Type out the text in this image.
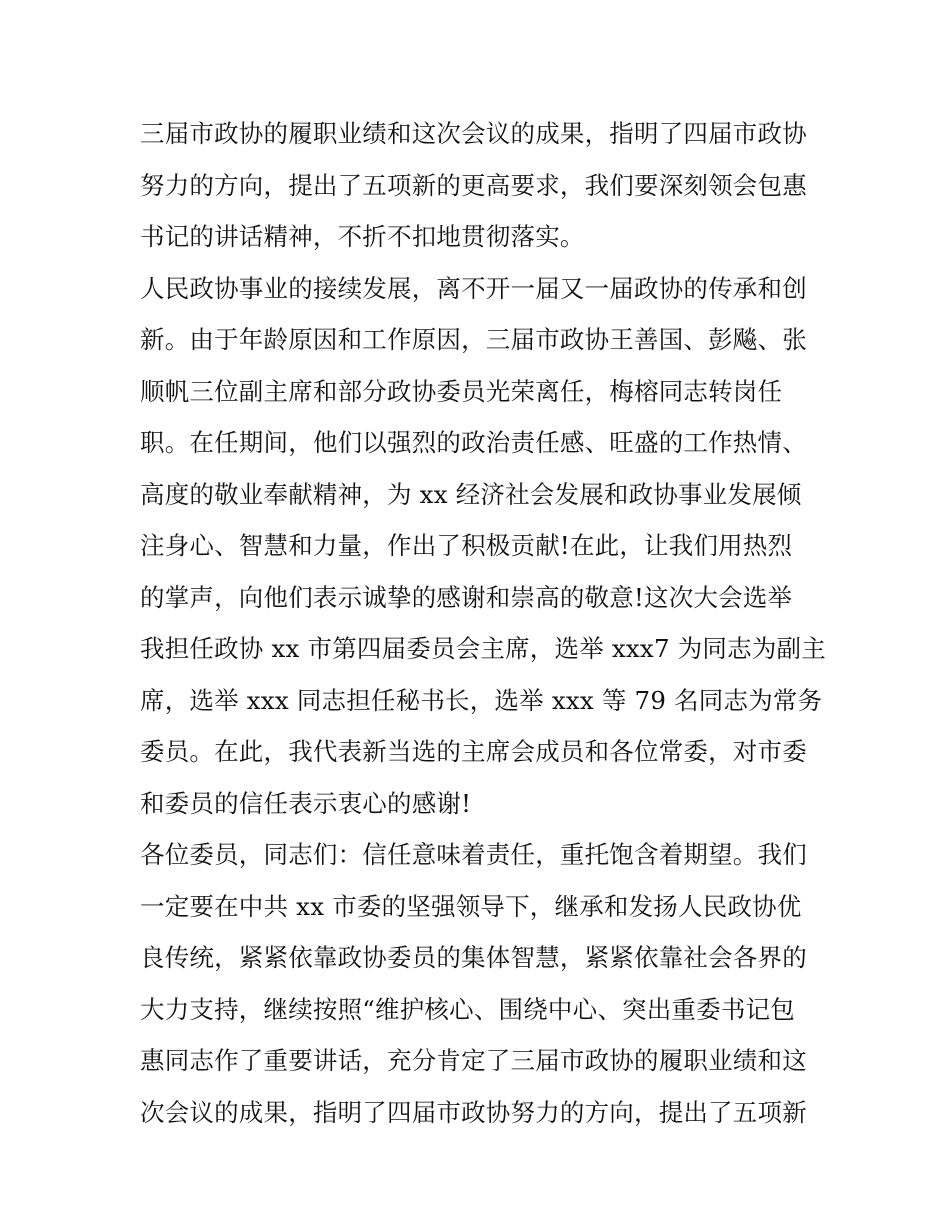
三届市政协的履职业绩和这次会议的成果，指明了四届市政协
努力的方向，提出了五项新的更高要求，我们要深刻领会包惠
书记的讲话精神，不折不扣地贯彻落实。
人民政协事业的接续发展，离不开一届又一届政协的传承和创
新。由于年龄原因和工作原因，三届市政协王善国、彭飚、张
顺帆三位副主席和部分政协委员光荣离任，梅榕同志转岗任
职。在任期间，他们以强烈的政治责任感、旺盛的工作热情、
高度的敬业奉献精神，为 xx 经济社会发展和政协事业发展倾
注身心、智慧和力量，作出了积极贡献!在此，让我们用热烈
的掌声，向他们表示诚挚的感谢和崇高的敬意!这次大会选举
我担任政协 xx 市第四届委员会主席，选举 xxx7 为同志为副主
席，选举 xxx 同志担任秘书长，选举 xxx 等 79 名同志为常务
委员。在此，我代表新当选的主席会成员和各位常委，对市委
和委员的信任表示衷心的感谢!
各位委员，同志们：信任意味着责任，重托饱含着期望。我们
一定要在中共 xx 市委的坚强领导下，继承和发扬人民政协优
良传统，紧紧依靠政协委员的集体智慧，紧紧依靠社会各界的
大力支持，继续按照“维护核心、围绕中心、突出重委书记包
惠同志作了重要讲话，充分肯定了三届市政协的履职业绩和这
次会议的成果，指明了四届市政协努力的方向，提出了五项新
